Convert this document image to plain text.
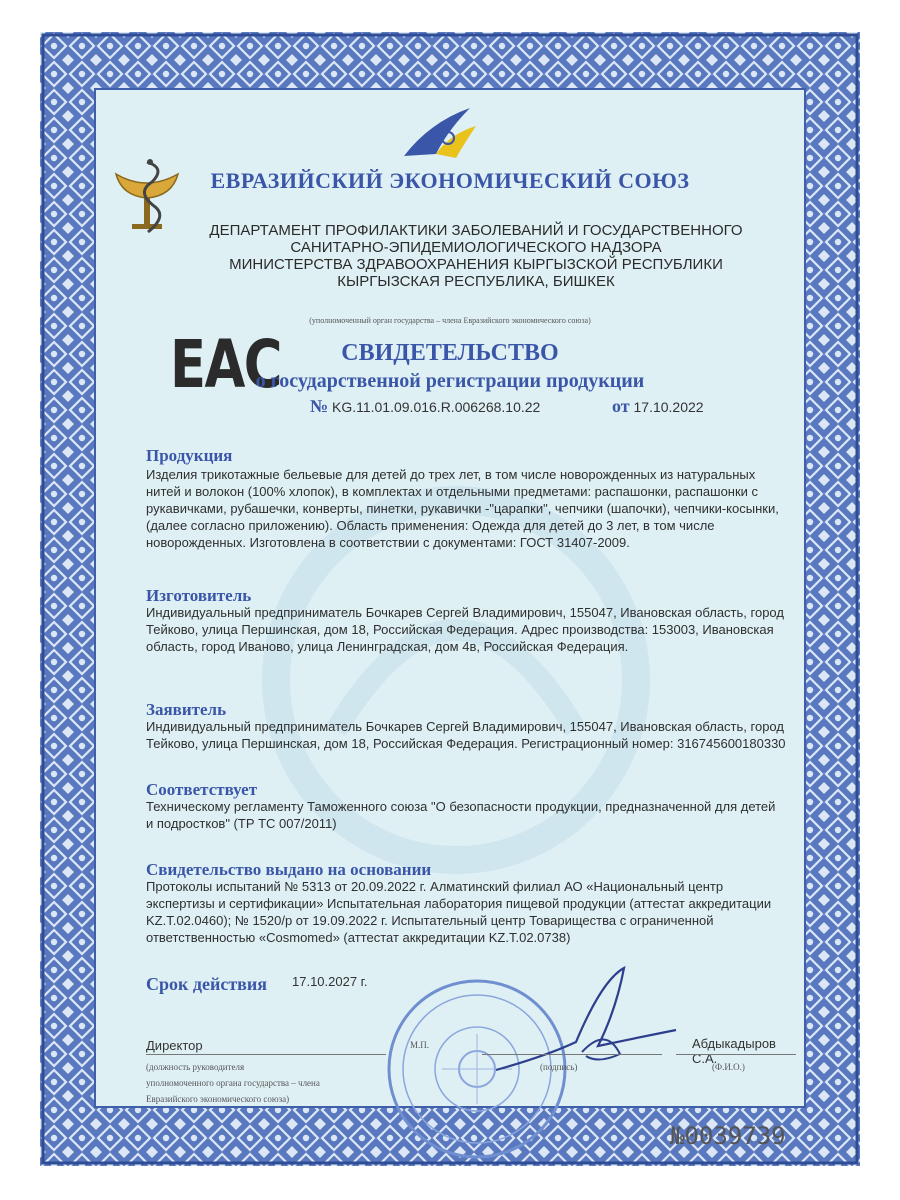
ЕВРАЗИЙСКИЙ ЭКОНОМИЧЕСКИЙ СОЮЗ
ДЕПАРТАМЕНТ ПРОФИЛАКТИКИ ЗАБОЛЕВАНИЙ И ГОСУДАРСТВЕННОГО
САНИТАРНО-ЭПИДЕМИОЛОГИЧЕСКОГО НАДЗОРА
МИНИСТЕРСТВА ЗДРАВООХРАНЕНИЯ КЫРГЫЗСКОЙ РЕСПУБЛИКИ
КЫРГЫЗСКАЯ РЕСПУБЛИКА, БИШКЕК
(уполномоченный орган государства – члена Евразийского экономического союза)
ЕАС	СВИДЕТЕЛЬСТВО
о государственной регистрации продукции
№ KG.11.01.09.016.R.006268.10.22	от 17.10.2022
Продукция
Изделия трикотажные бельевые для детей до трех лет, в том числе новорожденных из натуральных нитей и волокон (100% хлопок), в комплектах и отдельными предметами: распашонки, распашонки с рукавичками, рубашечки, конверты, пинетки, рукавички -"царапки", чепчики (шапочки), чепчики-косынки, (далее согласно приложению). Область применения: Одежда для детей до 3 лет, в том числе новорожденных. Изготовлена в соответствии с документами: ГОСТ 31407-2009.
Изготовитель
Индивидуальный предприниматель Бочкарев Сергей Владимирович, 155047, Ивановская область, город Тейково, улица Першинская, дом 18, Российская Федерация. Адрес производства: 153003, Ивановская область, город Иваново, улица Ленинградская, дом 4в, Российская Федерация.
Заявитель
Индивидуальный предприниматель Бочкарев Сергей Владимирович, 155047, Ивановская область, город Тейково, улица Першинская, дом 18, Российская Федерация. Регистрационный номер: 316745600180330
Соответствует
Техническому регламенту Таможенного союза "О безопасности продукции, предназначенной для детей и подростков" (ТР ТС 007/2011)
Свидетельство выдано на основании
Протоколы испытаний № 5313 от 20.09.2022 г. Алматинский филиал АО «Национальный центр экспертизы и сертификации» Испытательная лаборатория пищевой продукции (аттестат аккредитации KZ.T.02.0460); № 1520/р от 19.09.2022 г. Испытательный центр Товарищества с ограниченной ответственностью «Cosmomed» (аттестат аккредитации KZ.T.02.0738)
Срок действия 17.10.2027 г.
Директор
(должность руководителя
уполномоченного органа государства – члена
Евразийского экономического союза)
М.П.
(подпись)
Абдыкадыров С.А.
(Ф.И.О.)
№0039739
